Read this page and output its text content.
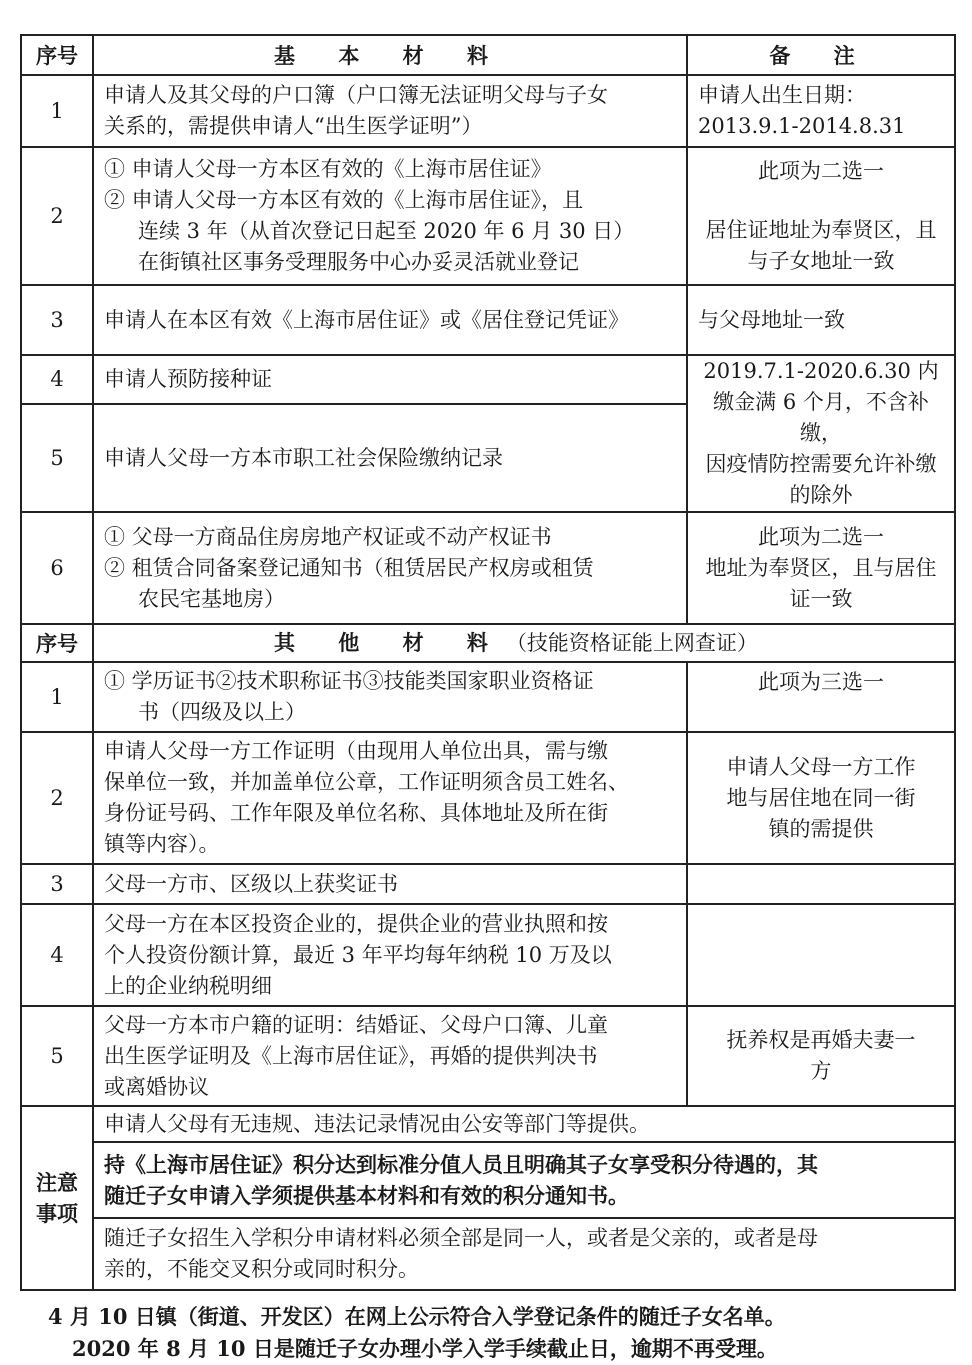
序号	基 本 材 料	备 注
1	申请人及其父母的户口簿（户口簿无法证明父母与子女
关系的，需提供申请人“出生医学证明”）	申请人出生日期：
2013.9.1-2014.8.31

2	① 申请人父母一方本区有效的《上海市居住证》
② 申请人父母一方本区有效的《上海市居住证》，且
连续 3 年（从首次登记日起至 2020 年 6 月 30 日）
在街镇社区事务受理服务中心办妥灵活就业登记	此项为二选一
居住证地址为奉贤区，且
与子女地址一致

3	申请人在本区有效《上海市居住证》或《居住登记凭证》	与父母地址一致

4	申请人预防接种证	2019.7.1-2020.6.30 内
缴金满 6 个月，不含补缴，
因疫情防控需要允许补缴
的除外

5	申请人父母一方本市职工社会保险缴纳记录	

6	① 父母一方商品住房房地产权证或不动产权证书
② 租赁合同备案登记通知书（租赁居民产权房或租赁
农民宅基地房）	此项为二选一
地址为奉贤区，且与居住
证一致

序号	其 他 材 料（技能资格证能上网查证）	
1	① 学历证书②技术职称证书③技能类国家职业资格证
书（四级及以上）	此项为三选一

2	申请人父母一方工作证明（由现用人单位出具，需与缴
保单位一致，并加盖单位公章，工作证明须含员工姓名、
身份证号码、工作年限及单位名称、具体地址及所在街
镇等内容）。	申请人父母一方工作
地与居住地在同一街
镇的需提供

3	父母一方市、区级以上获奖证书	

4	父母一方在本区投资企业的，提供企业的营业执照和按
个人投资份额计算，最近 3 年平均每年纳税 10 万及以
上的企业纳税明细	

5	父母一方本市户籍的证明：结婚证、父母户口簿、儿童
出生医学证明及《上海市居住证》，再婚的提供判决书
或离婚协议	抚养权是再婚夫妻一
方

注意
事项	申请人父母有无违规、违法记录情况由公安等部门等提供。	

	持《上海市居住证》积分达到标准分值人员且明确其子女享受积分待遇的，其
随迁子女申请入学须提供基本材料和有效的积分通知书。	

	随迁子女招生入学积分申请材料必须全部是同一人，或者是父亲的，或者是母
亲的，不能交叉积分或同时积分。	
4 月 10 日镇（街道、开发区）在网上公示符合入学登记条件的随迁子女名单。
2020 年 8 月 10 日是随迁子女办理小学入学手续截止日，逾期不再受理。
